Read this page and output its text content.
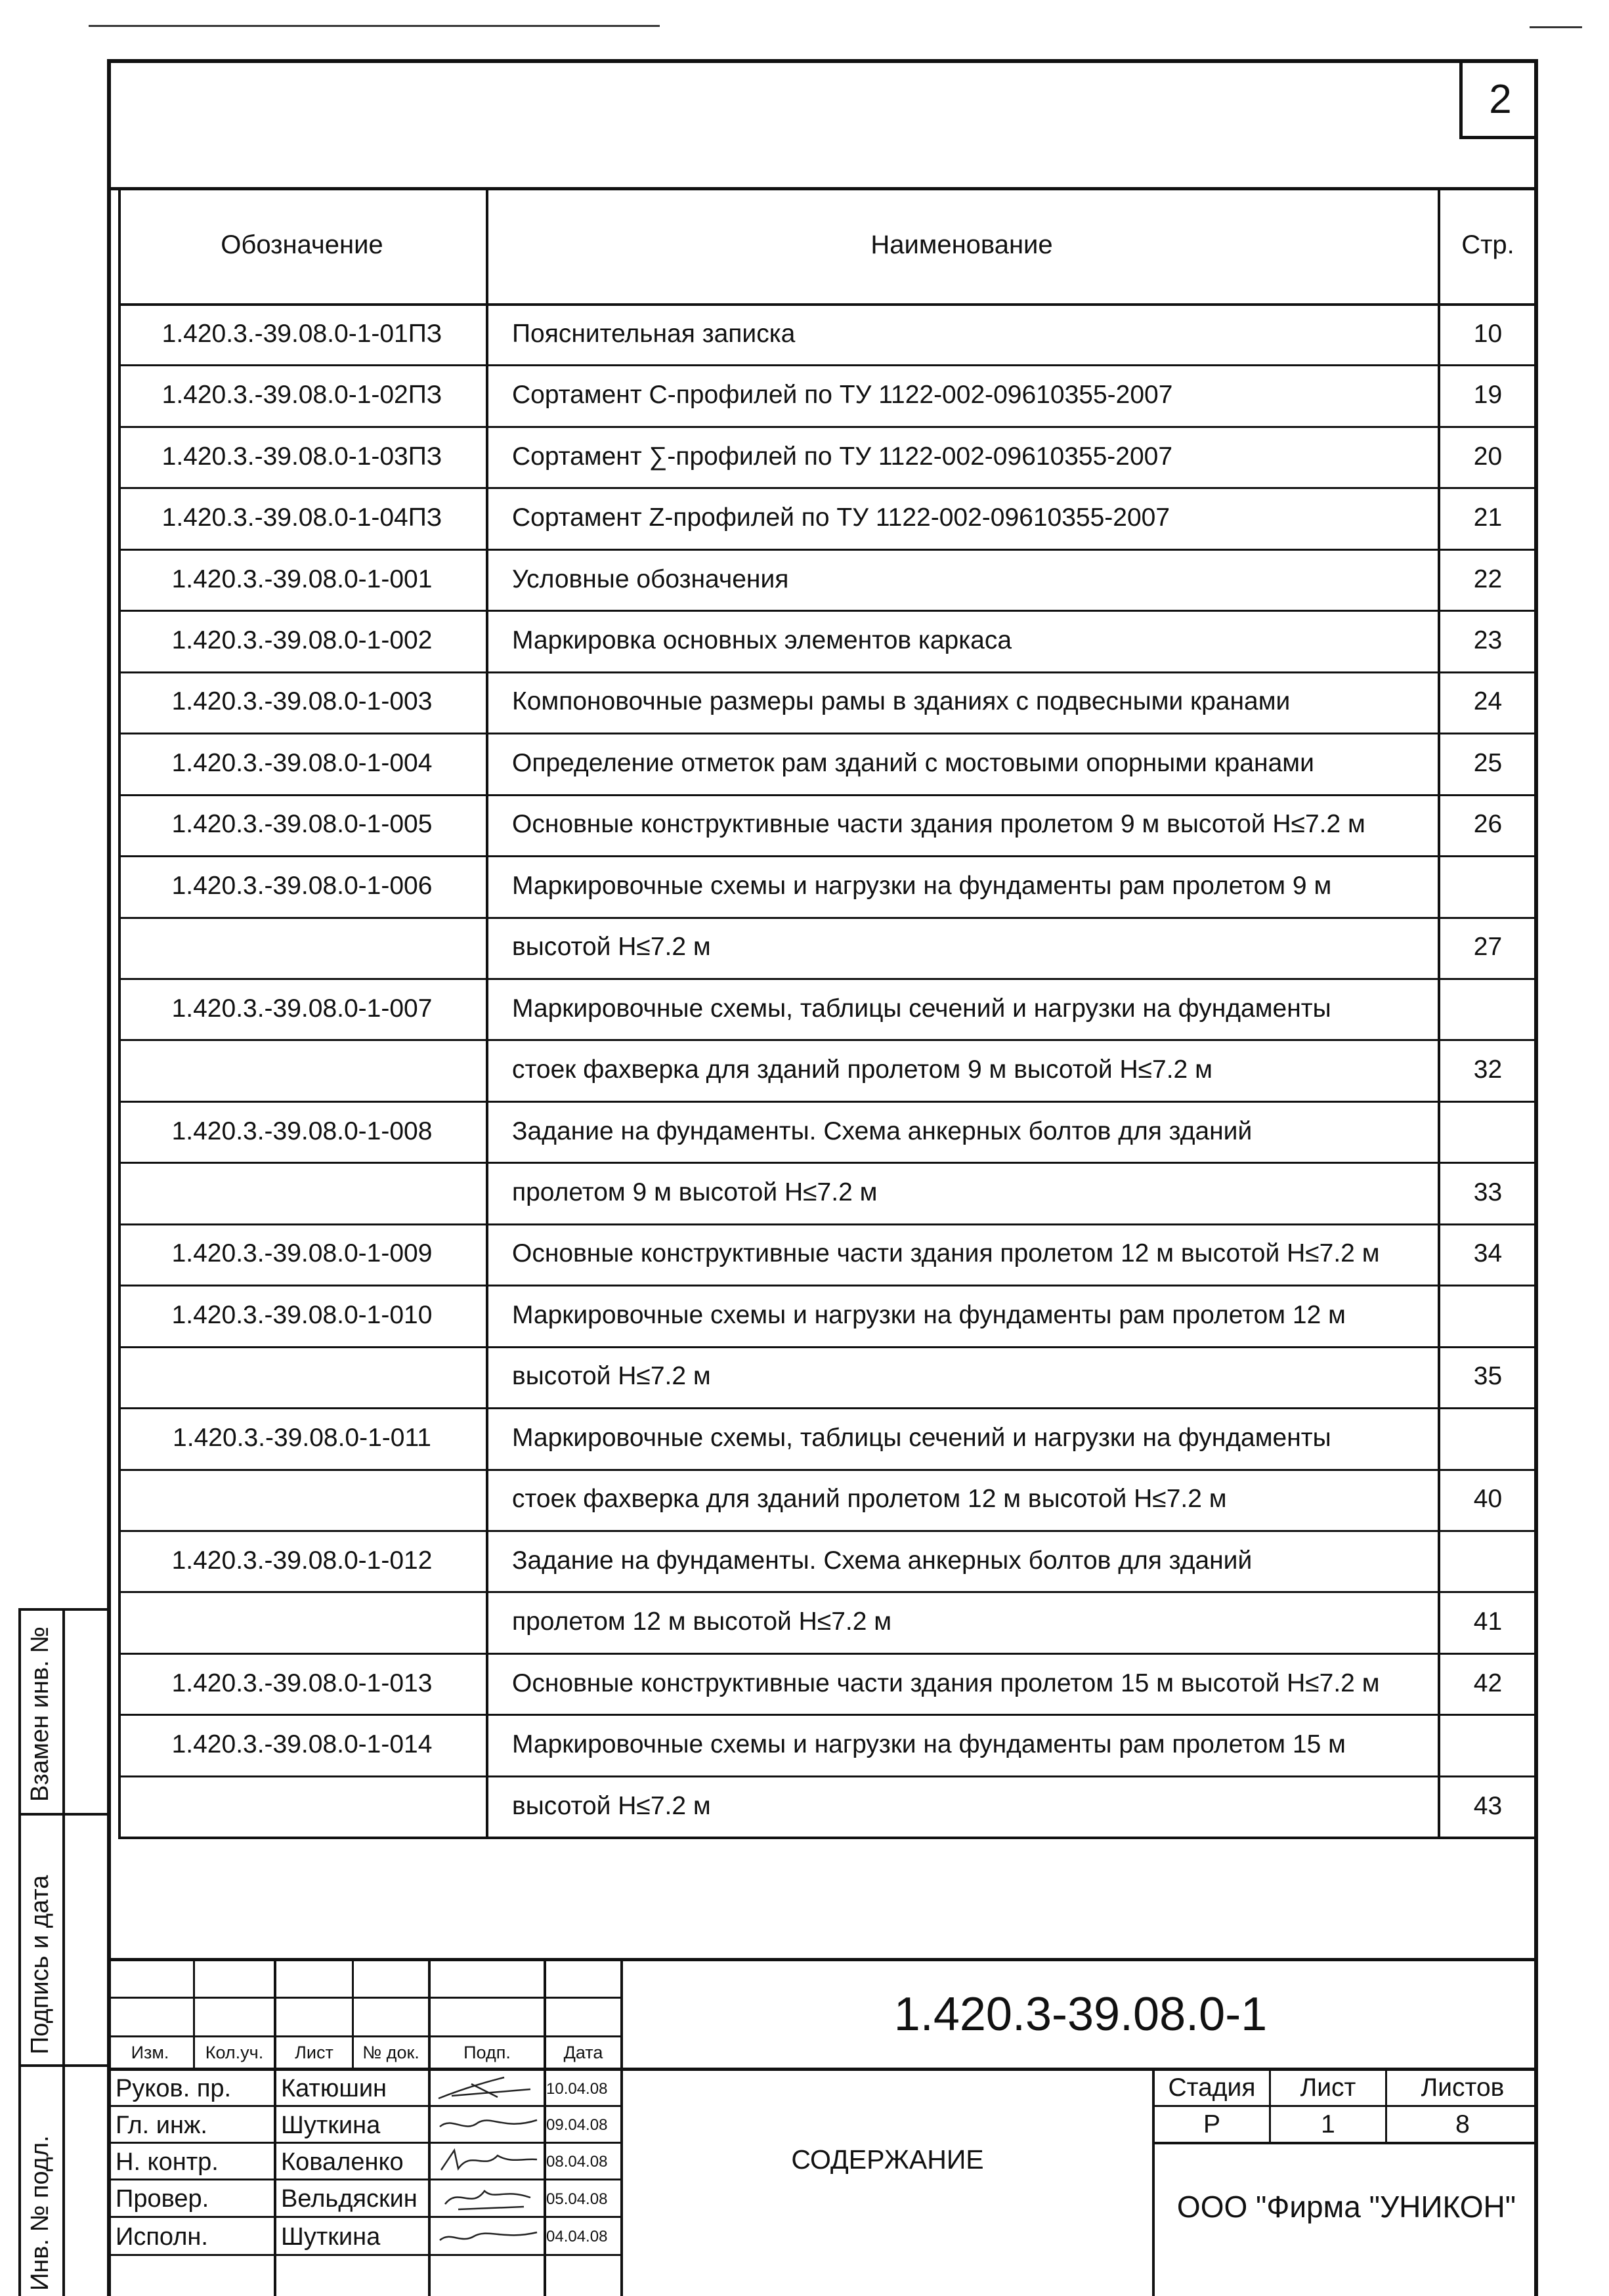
2
Обозначение	Наименование	Стр.
1.420.3.-39.08.0-1-01ПЗ	Пояснительная записка	10
1.420.3.-39.08.0-1-02ПЗ	Сортамент С-профилей по ТУ 1122-002-09610355-2007	19
1.420.3.-39.08.0-1-03ПЗ	Сортамент ∑-профилей по ТУ 1122-002-09610355-2007	20
1.420.3.-39.08.0-1-04ПЗ	Сортамент Z-профилей по ТУ 1122-002-09610355-2007	21
1.420.3.-39.08.0-1-001	Условные обозначения	22
1.420.3.-39.08.0-1-002	Маркировка основных элементов каркаса	23
1.420.3.-39.08.0-1-003	Компоновочные размеры рамы в зданиях с подвесными кранами	24
1.420.3.-39.08.0-1-004	Определение отметок рам зданий с мостовыми опорными кранами	25
1.420.3.-39.08.0-1-005	Основные конструктивные части здания пролетом 9 м высотой H≤7.2 м	26
1.420.3.-39.08.0-1-006	Маркировочные схемы и нагрузки на фундаменты рам пролетом 9 м
высотой H≤7.2 м	27
1.420.3.-39.08.0-1-007	Маркировочные схемы, таблицы сечений и нагрузки на фундаменты
стоек фахверка для зданий пролетом 9 м высотой H≤7.2 м	32
1.420.3.-39.08.0-1-008	Задание на фундаменты. Схема анкерных болтов для зданий
пролетом 9 м высотой H≤7.2 м	33
1.420.3.-39.08.0-1-009	Основные конструктивные части здания пролетом 12 м высотой H≤7.2 м	34
1.420.3.-39.08.0-1-010	Маркировочные схемы и нагрузки на фундаменты рам пролетом 12 м
высотой H≤7.2 м	35
1.420.3.-39.08.0-1-011	Маркировочные схемы, таблицы сечений и нагрузки на фундаменты
стоек фахверка для зданий пролетом 12 м высотой H≤7.2 м	40
1.420.3.-39.08.0-1-012	Задание на фундаменты. Схема анкерных болтов для зданий
пролетом 12 м высотой H≤7.2 м	41
1.420.3.-39.08.0-1-013	Основные конструктивные части здания пролетом 15 м высотой H≤7.2 м	42
1.420.3.-39.08.0-1-014	Маркировочные схемы и нагрузки на фундаменты рам пролетом 15 м
высотой H≤7.2 м	43
Взамен инв. №
Подпись и дата
Инв. № подл.
Изм.	Кол.уч.	Лист	№ док.	Подп.	Дата
Руков. пр.	Катюшин	10.04.08
Гл. инж.	Шуткина	09.04.08
Н. контр.	Коваленко	08.04.08
Провер.	Вельдяскин	05.04.08
Исполн.	Шуткина	04.04.08
1.420.3-39.08.0-1
СОДЕРЖАНИЕ
ООО "Фирма "УНИКОН"
Стадия	Лист	Листов
Р	1	8
